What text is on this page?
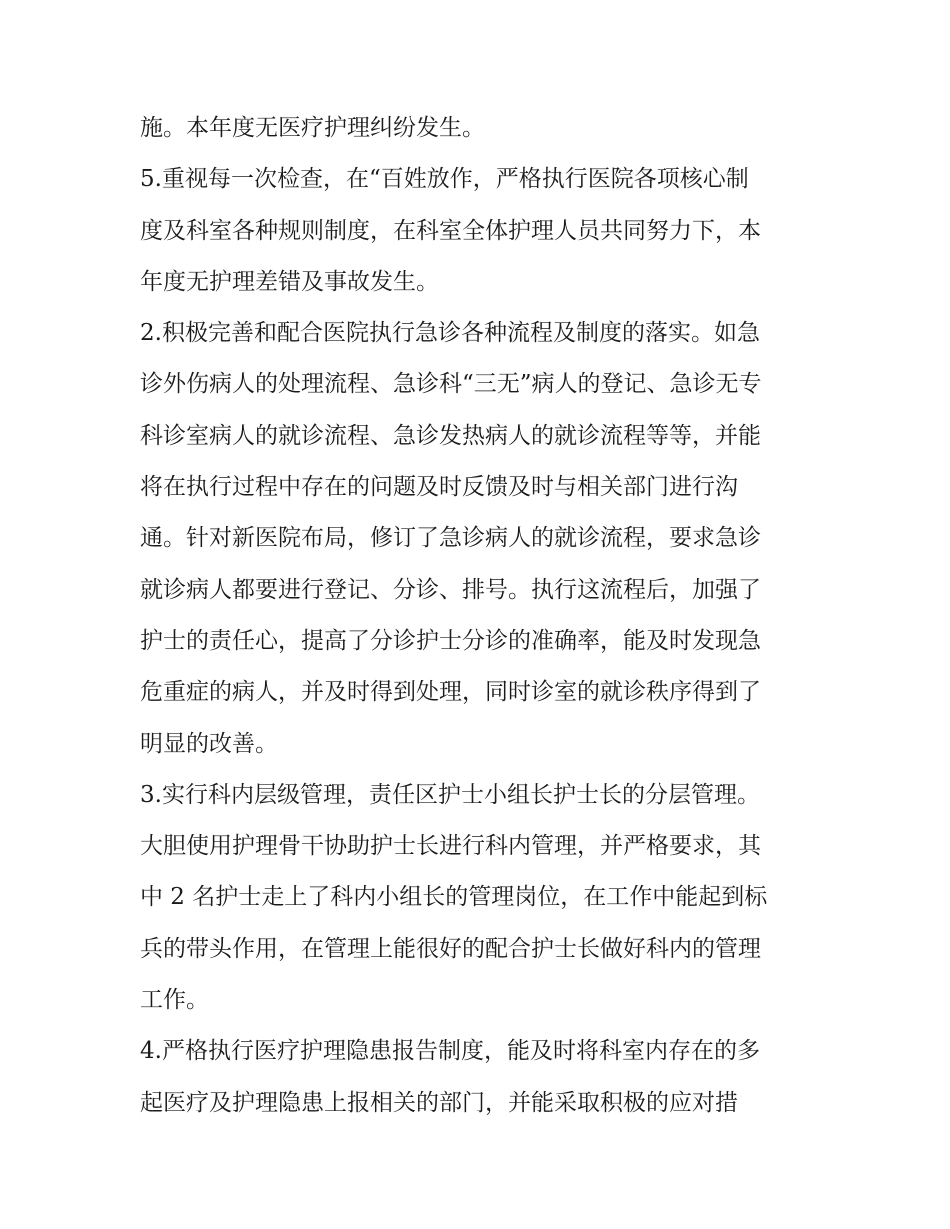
施。本年度无医疗护理纠纷发生。
5.重视每一次检查，在“百姓放作，严格执行医院各项核心制
度及科室各种规则制度，在科室全体护理人员共同努力下，本
年度无护理差错及事故发生。
2.积极完善和配合医院执行急诊各种流程及制度的落实。如急
诊外伤病人的处理流程、急诊科“三无”病人的登记、急诊无专
科诊室病人的就诊流程、急诊发热病人的就诊流程等等，并能
将在执行过程中存在的问题及时反馈及时与相关部门进行沟
通。针对新医院布局，修订了急诊病人的就诊流程，要求急诊
就诊病人都要进行登记、分诊、排号。执行这流程后，加强了
护士的责任心，提高了分诊护士分诊的准确率，能及时发现急
危重症的病人，并及时得到处理，同时诊室的就诊秩序得到了
明显的改善。
3.实行科内层级管理，责任区护士小组长护士长的分层管理。
大胆使用护理骨干协助护士长进行科内管理，并严格要求，其
中 2 名护士走上了科内小组长的管理岗位，在工作中能起到标
兵的带头作用，在管理上能很好的配合护士长做好科内的管理
工作。
4.严格执行医疗护理隐患报告制度，能及时将科室内存在的多
起医疗及护理隐患上报相关的部门，并能采取积极的应对措
